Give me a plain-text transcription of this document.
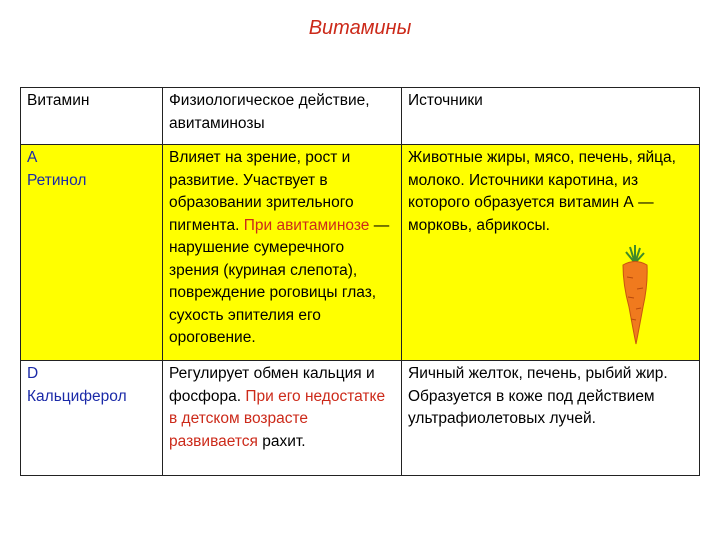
Витамины
Витамин	Физиологическое действие, авитаминозы	Источники

A
Ретинол	Влияет на зрение, рост и развитие. Участвует в образовании зрительного пигмента. При авитаминозе — нарушение сумеречного зрения (куриная слепота), повреждение роговицы глаз, сухость эпителия его ороговение.	Животные жиры, мясо, печень, яйца, молоко. Источники каротина, из которого образуется витамин А — морковь, абрикосы.

D
Кальциферол	Регулирует обмен кальция и фосфора. При его недостатке в детском возрасте развивается рахит.	Яичный желток, печень, рыбий жир. Образуется в коже под действием ультрафиолетовых лучей.
